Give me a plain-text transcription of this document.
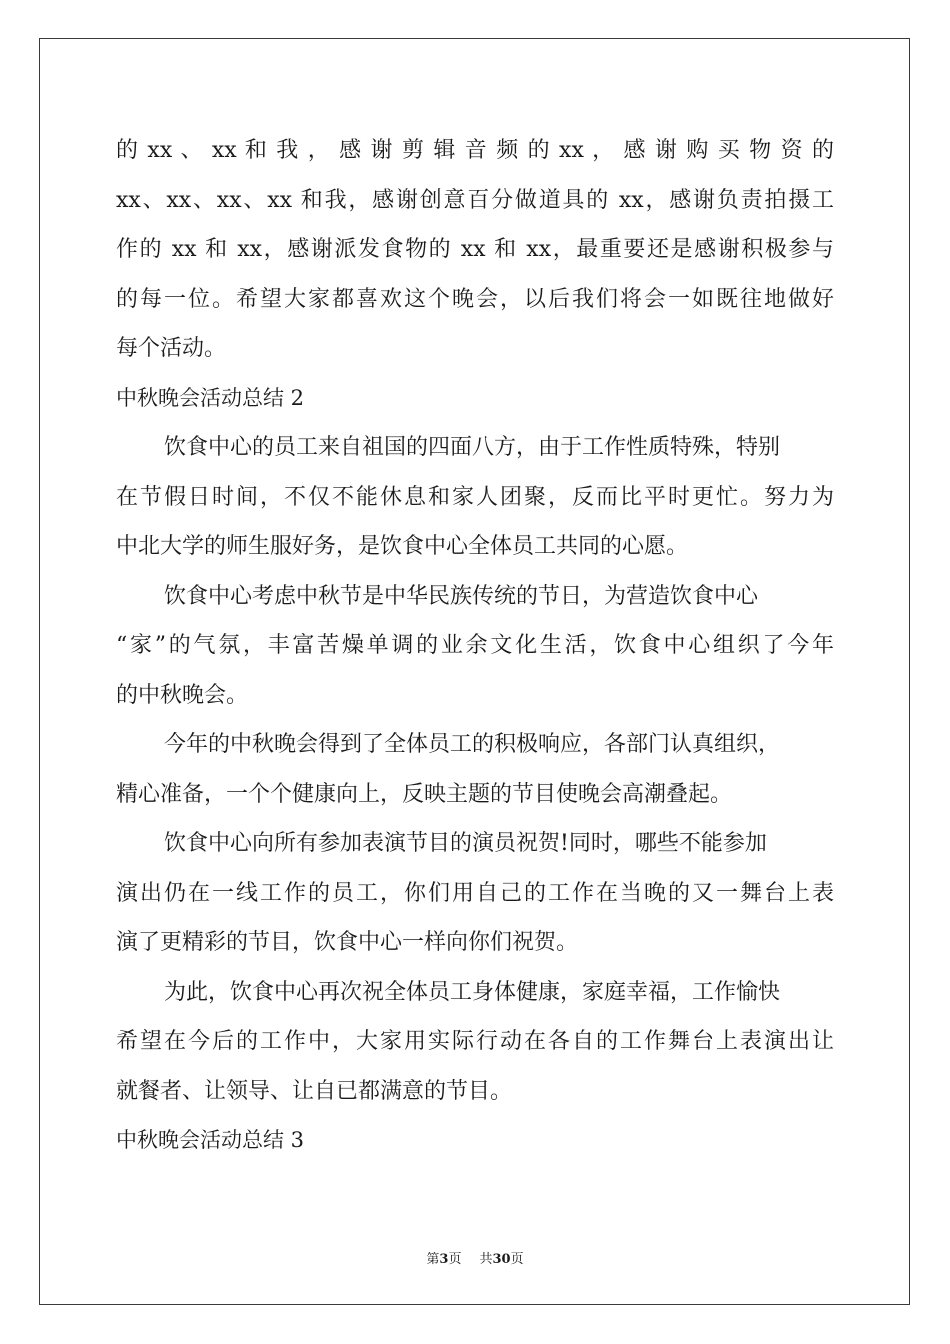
的 xx 、 xx 和 我 ， 感 谢 剪 辑 音 频 的 xx ， 感 谢 购 买 物 资 的
xx、xx、xx、xx 和我，感谢创意百分做道具的 xx，感谢负责拍摄工
作的 xx 和 xx，感谢派发食物的 xx 和 xx，最重要还是感谢积极参与
的每一位。希望大家都喜欢这个晚会，以后我们将会一如既往地做好
每个活动。
中秋晚会活动总结 2
饮食中心的员工来自祖国的四面八方，由于工作性质特殊，特别
在节假日时间，不仅不能休息和家人团聚，反而比平时更忙。努力为
中北大学的师生服好务，是饮食中心全体员工共同的心愿。
饮食中心考虑中秋节是中华民族传统的节日，为营造饮食中心
“家”的气氛，丰富苦燥单调的业余文化生活，饮食中心组织了今年
的中秋晚会。
今年的中秋晚会得到了全体员工的积极响应，各部门认真组织，
精心准备，一个个健康向上，反映主题的节目使晚会高潮叠起。
饮食中心向所有参加表演节目的演员祝贺!同时，哪些不能参加
演出仍在一线工作的员工，你们用自己的工作在当晚的又一舞台上表
演了更精彩的节目，饮食中心一样向你们祝贺。
为此，饮食中心再次祝全体员工身体健康，家庭幸福，工作愉快
希望在今后的工作中，大家用实际行动在各自的工作舞台上表演出让
就餐者、让领导、让自已都满意的节目。
中秋晚会活动总结 3
第3页 共30页
